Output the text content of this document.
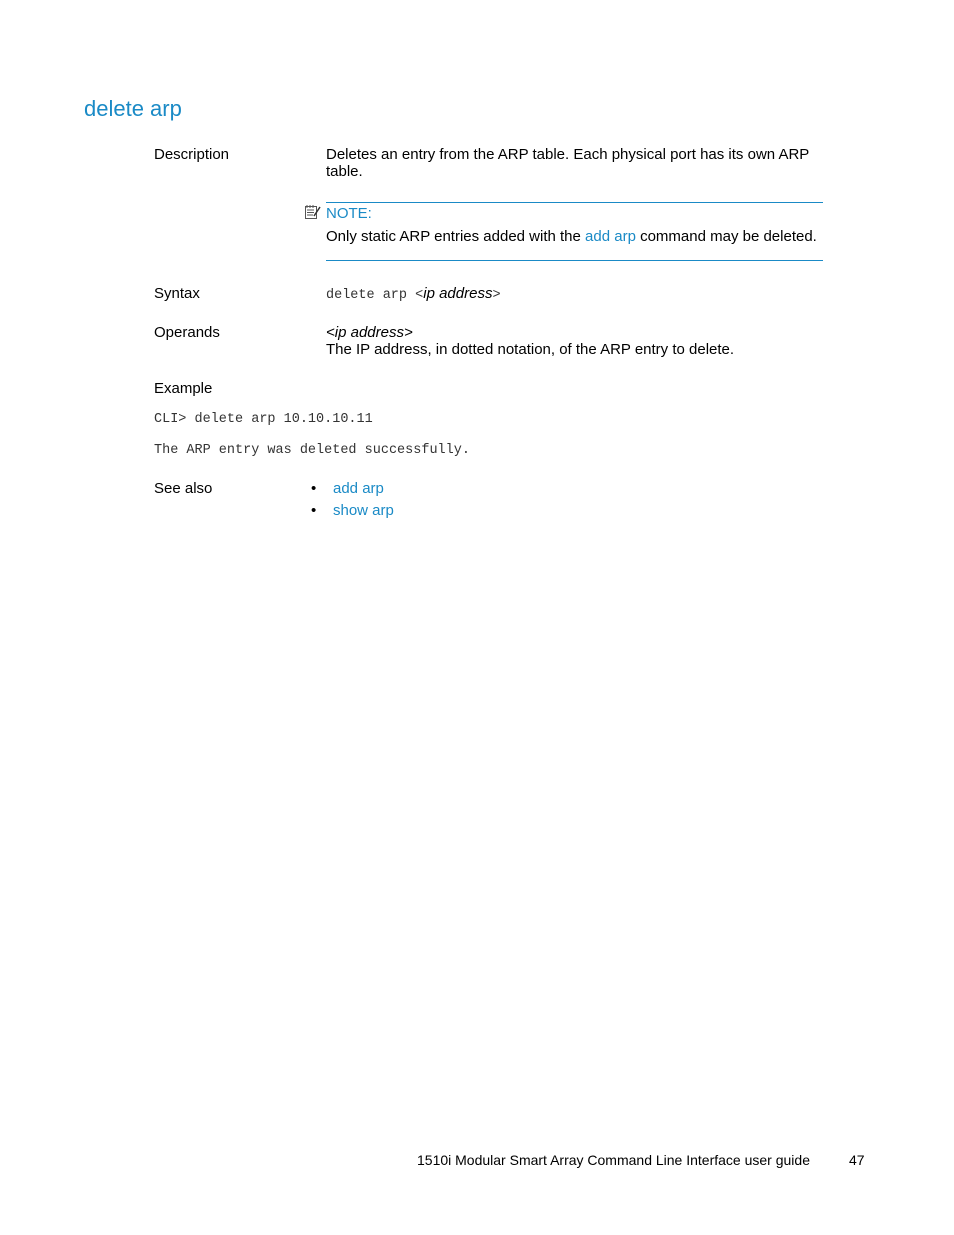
delete arp
Description	Deletes an entry from the ARP table. Each physical port has its own ARP
table.
NOTE:
Only static ARP entries added with the add arp command may be deleted.
Syntax	delete arp <ip address>
Operands	<ip address>
The IP address, in dotted notation, of the ARP entry to delete.
Example
CLI> delete arp 10.10.10.11
The ARP entry was deleted successfully.
See also	• add arp
• show arp
1510i Modular Smart Array Command Line Interface user guide	47
